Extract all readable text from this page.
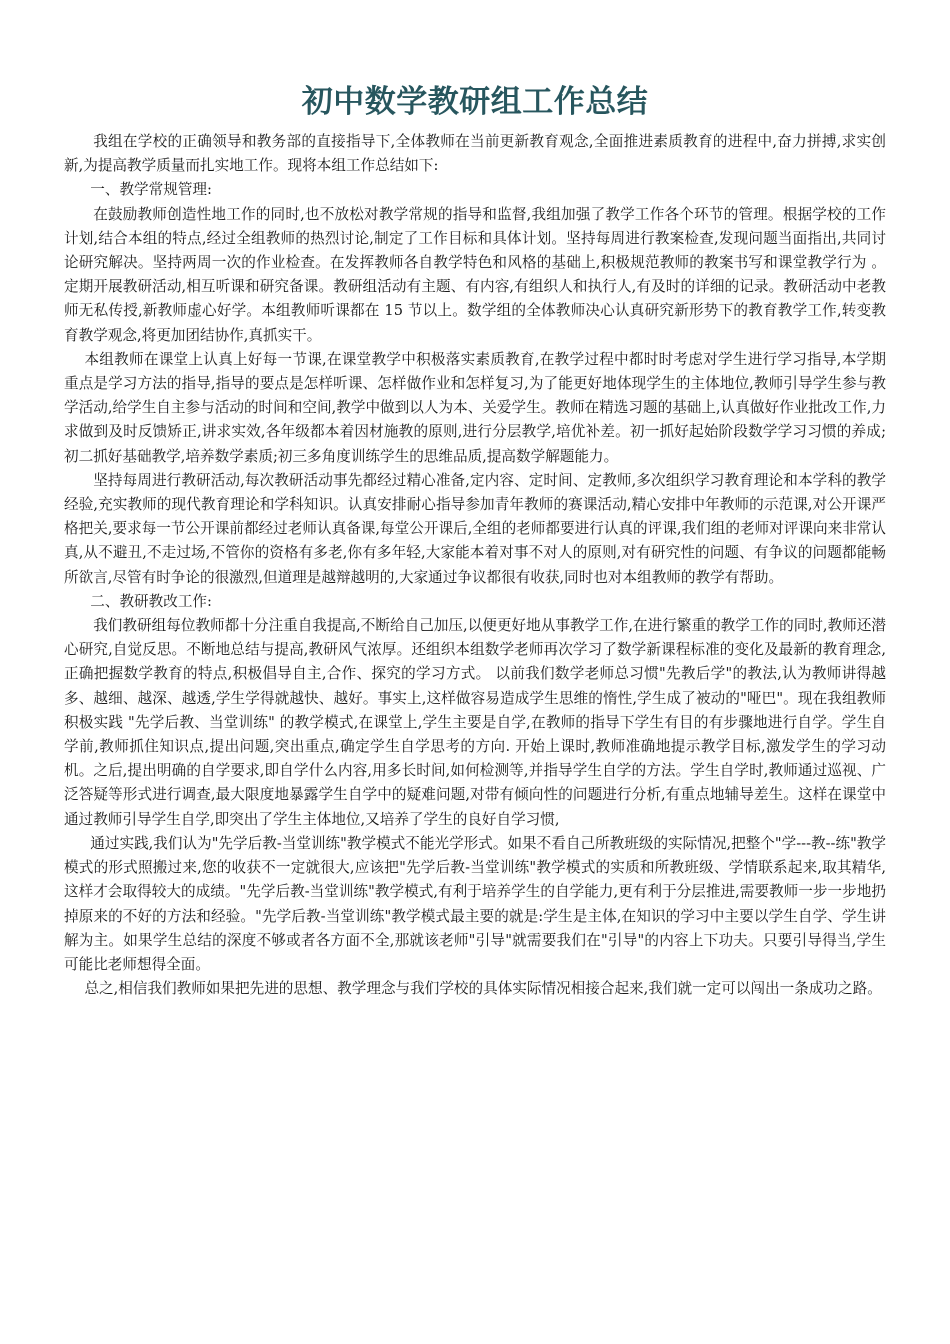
初中数学教研组工作总结

我组在学校的正确领导和教务部的直接指导下,全体教师在当前更新教育观念,全面推进素质教育的进程中,奋力拼搏,求实创新,为提高教学质量而扎实地工作。现将本组工作总结如下:

一、教学常规管理:

在鼓励教师创造性地工作的同时,也不放松对教学常规的指导和监督,我组加强了教学工作各个环节的管理。根据学校的工作计划,结合本组的特点,经过全组教师的热烈讨论,制定了工作目标和具体计划。坚持每周进行教案检查,发现问题当面指出,共同讨论研究解决。坚持两周一次的作业检查。在发挥教师各自教学特色和风格的基础上,积极规范教师的教案书写和课堂教学行为 。定期开展教研活动,相互听课和研究备课。教研组活动有主题、有内容,有组织人和执行人,有及时的详细的记录。教研活动中老教师无私传授,新教师虚心好学。本组教师听课都在 15 节以上。数学组的全体教师决心认真研究新形势下的教育教学工作,转变教育教学观念,将更加团结协作,真抓实干。

本组教师在课堂上认真上好每一节课,在课堂教学中积极落实素质教育,在教学过程中都时时考虑对学生进行学习指导,本学期重点是学习方法的指导,指导的要点是怎样听课、怎样做作业和怎样复习,为了能更好地体现学生的主体地位,教师引导学生参与教学活动,给学生自主参与活动的时间和空间,教学中做到以人为本、关爱学生。教师在精选习题的基础上,认真做好作业批改工作,力求做到及时反馈矫正,讲求实效,各年级都本着因材施教的原则,进行分层教学,培优补差。初一抓好起始阶段数学学习习惯的养成;初二抓好基础教学,培养数学素质;初三多角度训练学生的思维品质,提高数学解题能力。

坚持每周进行教研活动,每次教研活动事先都经过精心准备,定内容、定时间、定教师,多次组织学习教育理论和本学科的教学经验,充实教师的现代教育理论和学科知识。认真安排耐心指导参加青年教师的赛课活动,精心安排中年教师的示范课,对公开课严格把关,要求每一节公开课前都经过老师认真备课,每堂公开课后,全组的老师都要进行认真的评课,我们组的老师对评课向来非常认真,从不避丑,不走过场,不管你的资格有多老,你有多年轻,大家能本着对事不对人的原则,对有研究性的问题、有争议的问题都能畅所欲言,尽管有时争论的很激烈,但道理是越辩越明的,大家通过争议都很有收获,同时也对本组教师的教学有帮助。

二、教研教改工作:

我们教研组每位教师都十分注重自我提高,不断给自己加压,以便更好地从事教学工作,在进行繁重的教学工作的同时,教师还潜心研究,自觉反思。不断地总结与提高,教研风气浓厚。还组织本组数学老师再次学习了数学新课程标准的变化及最新的教育理念,正确把握数学教育的特点,积极倡导自主,合作、探究的学习方式。 以前我们数学老师总习惯"先教后学"的教法,认为教师讲得越多、越细、越深、越透,学生学得就越快、越好。事实上,这样做容易造成学生思维的惰性,学生成了被动的"哑巴"。现在我组教师积极实践 "先学后教、当堂训练" 的教学模式,在课堂上,学生主要是自学,在教师的指导下学生有目的有步骤地进行自学。学生自学前,教师抓住知识点,提出问题,突出重点,确定学生自学思考的方向. 开始上课时,教师准确地提示教学目标,激发学生的学习动机。之后,提出明确的自学要求,即自学什么内容,用多长时间,如何检测等,并指导学生自学的方法。学生自学时,教师通过巡视、广泛答疑等形式进行调查,最大限度地暴露学生自学中的疑难问题,对带有倾向性的问题进行分析,有重点地辅导差生。这样在课堂中通过教师引导学生自学,即突出了学生主体地位,又培养了学生的良好自学习惯,

通过实践,我们认为"先学后教-当堂训练"教学模式不能光学形式。如果不看自己所教班级的实际情况,把整个"学---教--练"教学模式的形式照搬过来,您的收获不一定就很大,应该把"先学后教-当堂训练"教学模式的实质和所教班级、学情联系起来,取其精华,这样才会取得较大的成绩。"先学后教-当堂训练"教学模式,有利于培养学生的自学能力,更有利于分层推进,需要教师一步一步地扔掉原来的不好的方法和经验。"先学后教-当堂训练"教学模式最主要的就是:学生是主体,在知识的学习中主要以学生自学、学生讲解为主。如果学生总结的深度不够或者各方面不全,那就该老师"引导"就需要我们在"引导"的内容上下功夫。只要引导得当,学生可能比老师想得全面。

总之,相信我们教师如果把先进的思想、教学理念与我们学校的具体实际情况相接合起来,我们就一定可以闯出一条成功之路。
